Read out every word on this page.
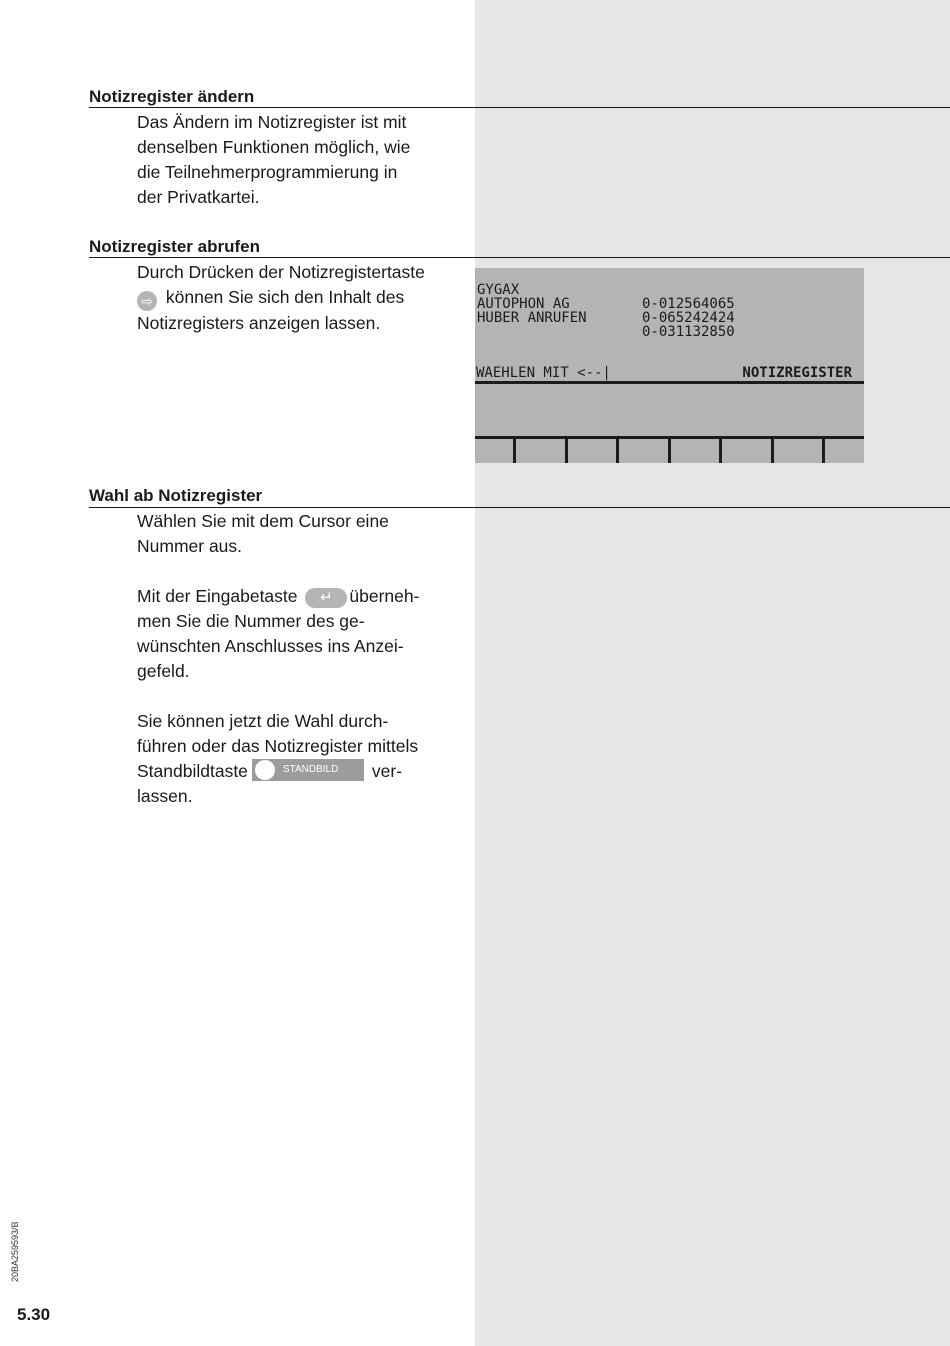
Notizregister ändern

Das Ändern im Notizregister ist mit

denselben Funktionen möglich, wie

die Teilnehmerprogrammierung in

der Privatkartei.

Notizregister abrufen

Durch Drücken der Notizregistertaste

⇨ können Sie sich den Inhalt des

Notizregisters anzeigen lassen.

GYGAX

0-012564065

AUTOPHON AG

0-065242424

HUBER ANRUFEN

0-031132850

WAEHLEN MIT <--|	NOTIZREGISTER
Wahl ab Notizregister

Wählen Sie mit dem Cursor eine

Nummer aus.

Mit der Eingabetaste ↵ überneh-

men Sie die Nummer des ge-

wünschten Anschlusses ins Anzei-

gefeld.

Sie können jetzt die Wahl durch-

führen oder das Notizregister mittels

Standbildtaste	STANDBILD ver-

lassen.

20BA259593/B
5.30
